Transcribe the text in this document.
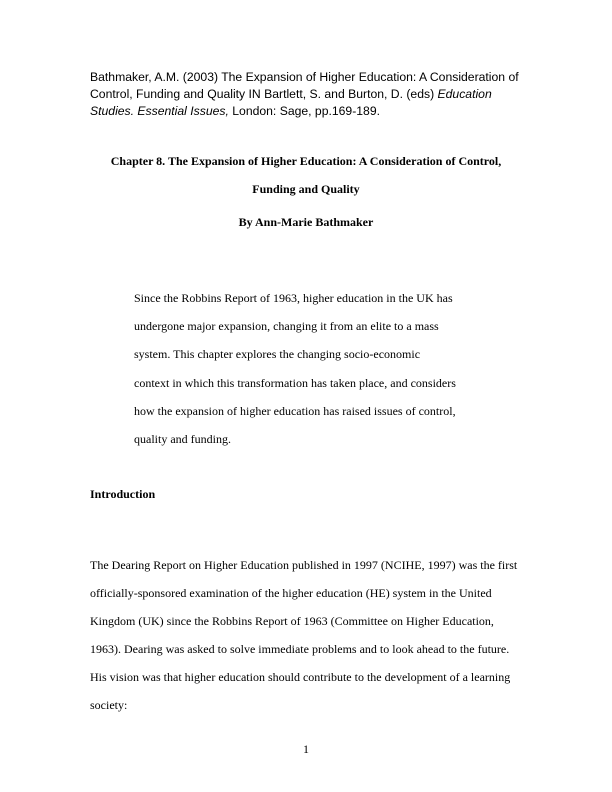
Bathmaker, A.M. (2003) The Expansion of Higher Education: A Consideration of
Control, Funding and Quality IN Bartlett, S. and Burton, D. (eds) Education
Studies. Essential Issues, London: Sage, pp.169-189.
Chapter 8. The Expansion of Higher Education: A Consideration of Control,
Funding and Quality
By Ann-Marie Bathmaker
Since the Robbins Report of 1963, higher education in the UK has
undergone major expansion, changing it from an elite to a mass
system. This chapter explores the changing socio-economic
context in which this transformation has taken place, and considers
how the expansion of higher education has raised issues of control,
quality and funding.
Introduction
The Dearing Report on Higher Education published in 1997 (NCIHE, 1997) was the first
officially-sponsored examination of the higher education (HE) system in the United
Kingdom (UK) since the Robbins Report of 1963 (Committee on Higher Education,
1963). Dearing was asked to solve immediate problems and to look ahead to the future.
His vision was that higher education should contribute to the development of a learning
society:
1
